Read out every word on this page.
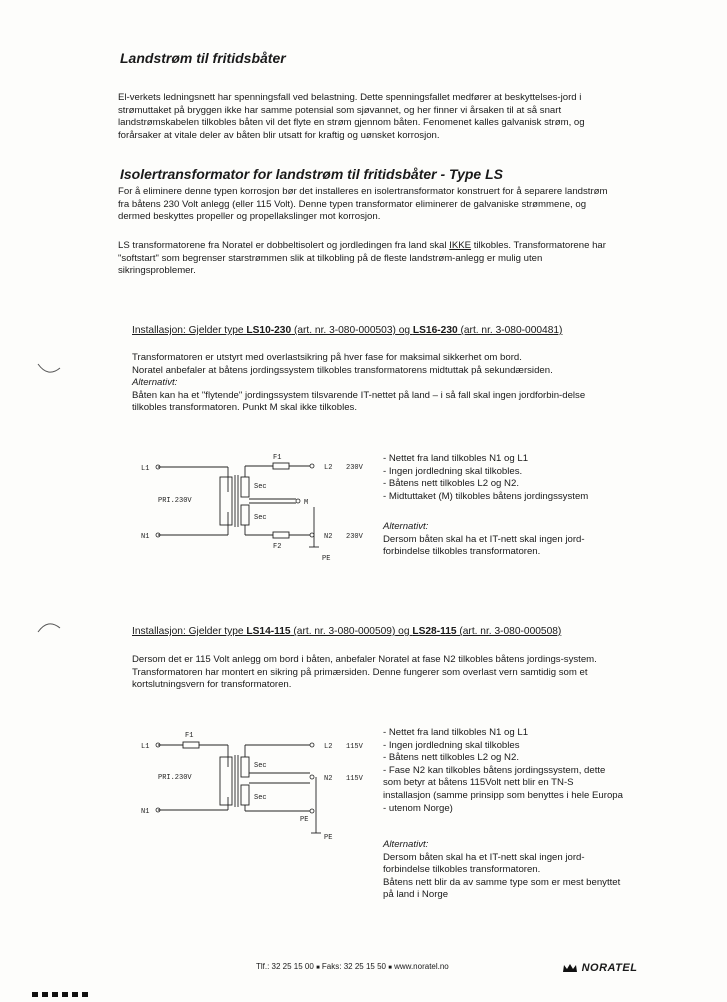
Landstrøm til fritidsbåter
El-verkets ledningsnett har spenningsfall ved belastning. Dette spenningsfallet medfører at beskyttelses-jord i strømuttaket på bryggen ikke har samme potensial som sjøvannet, og her finner vi årsaken til at så snart landstrømskabelen tilkobles båten vil det flyte en strøm gjennom båten. Fenomenet kalles galvanisk strøm, og forårsaker at vitale deler av båten blir utsatt for kraftig og uønsket korrosjon.
Isolertransformator for landstrøm til fritidsbåter - Type LS
For å eliminere denne typen korrosjon bør det installeres en isolertransformator konstruert for å separere landstrøm fra båtens 230 Volt anlegg (eller 115 Volt). Denne typen transformator eliminerer de galvaniske strømmene, og dermed beskyttes propeller og propellakslinger mot korrosjon.
LS transformatorene fra Noratel er dobbeltisolert og jordledingen fra land skal IKKE tilkobles. Transformatorene har "softstart" som begrenser starstrømmen slik at tilkobling på de fleste landstrøm-anlegg er mulig uten sikringsproblemer.
Installasjon: Gjelder type LS10-230 (art. nr. 3-080-000503) og LS16-230 (art. nr. 3-080-000481)
Transformatoren er utstyrt med overlastsikring på hver fase for maksimal sikkerhet om bord.
Noratel anbefaler at båtens jordingssystem tilkobles transformatorens midtuttak på sekundærsiden.
Alternativt:
Båten kan ha et "flytende" jordingssystem tilsvarende IT-nettet på land – i så fall skal ingen jordforbin-delse tilkobles transformatoren. Punkt M skal ikke tilkobles.
L1
N1
F1
F2
L2
N2
230V
230V
PRI.230V
Sec
Sec
M
PE
- Nettet fra land tilkobles N1 og L1
- Ingen jordledning skal tilkobles.
- Båtens nett tilkobles L2 og N2.
- Midtuttaket (M) tilkobles båtens jordingssystem
Alternativt:
Dersom båten skal ha et IT-nett skal ingen jord-forbindelse tilkobles transformatoren.
Installasjon: Gjelder type LS14-115 (art. nr. 3-080-000509) og LS28-115 (art. nr. 3-080-000508)
Dersom det er 115 Volt anlegg om bord i båten, anbefaler Noratel at fase N2 tilkobles båtens jordings-system. Transformatoren har montert en sikring på primærsiden. Denne fungerer som overlast vern samtidig som et kortslutningsvern for transformatoren.
L1
N1
F1
L2
N2
115V
115V
PRI.230V
Sec
Sec
PE
PE
- Nettet fra land tilkobles N1 og L1
- Ingen jordledning skal tilkobles
- Båtens nett tilkobles L2 og N2.
- Fase N2 kan tilkobles båtens jordingssystem, dette som betyr at båtens 115Volt nett blir en TN-S installasjon (samme prinsipp som benyttes i hele Europa - utenom Norge)
Alternativt:
Dersom båten skal ha et IT-nett skal ingen jord-forbindelse tilkobles transformatoren.
Båtens nett blir da av samme type som er mest benyttet på land i Norge
Tlf.: 32 25 15 00 ■ Faks: 32 25 15 50 ■ www.noratel.no	NORATEL
